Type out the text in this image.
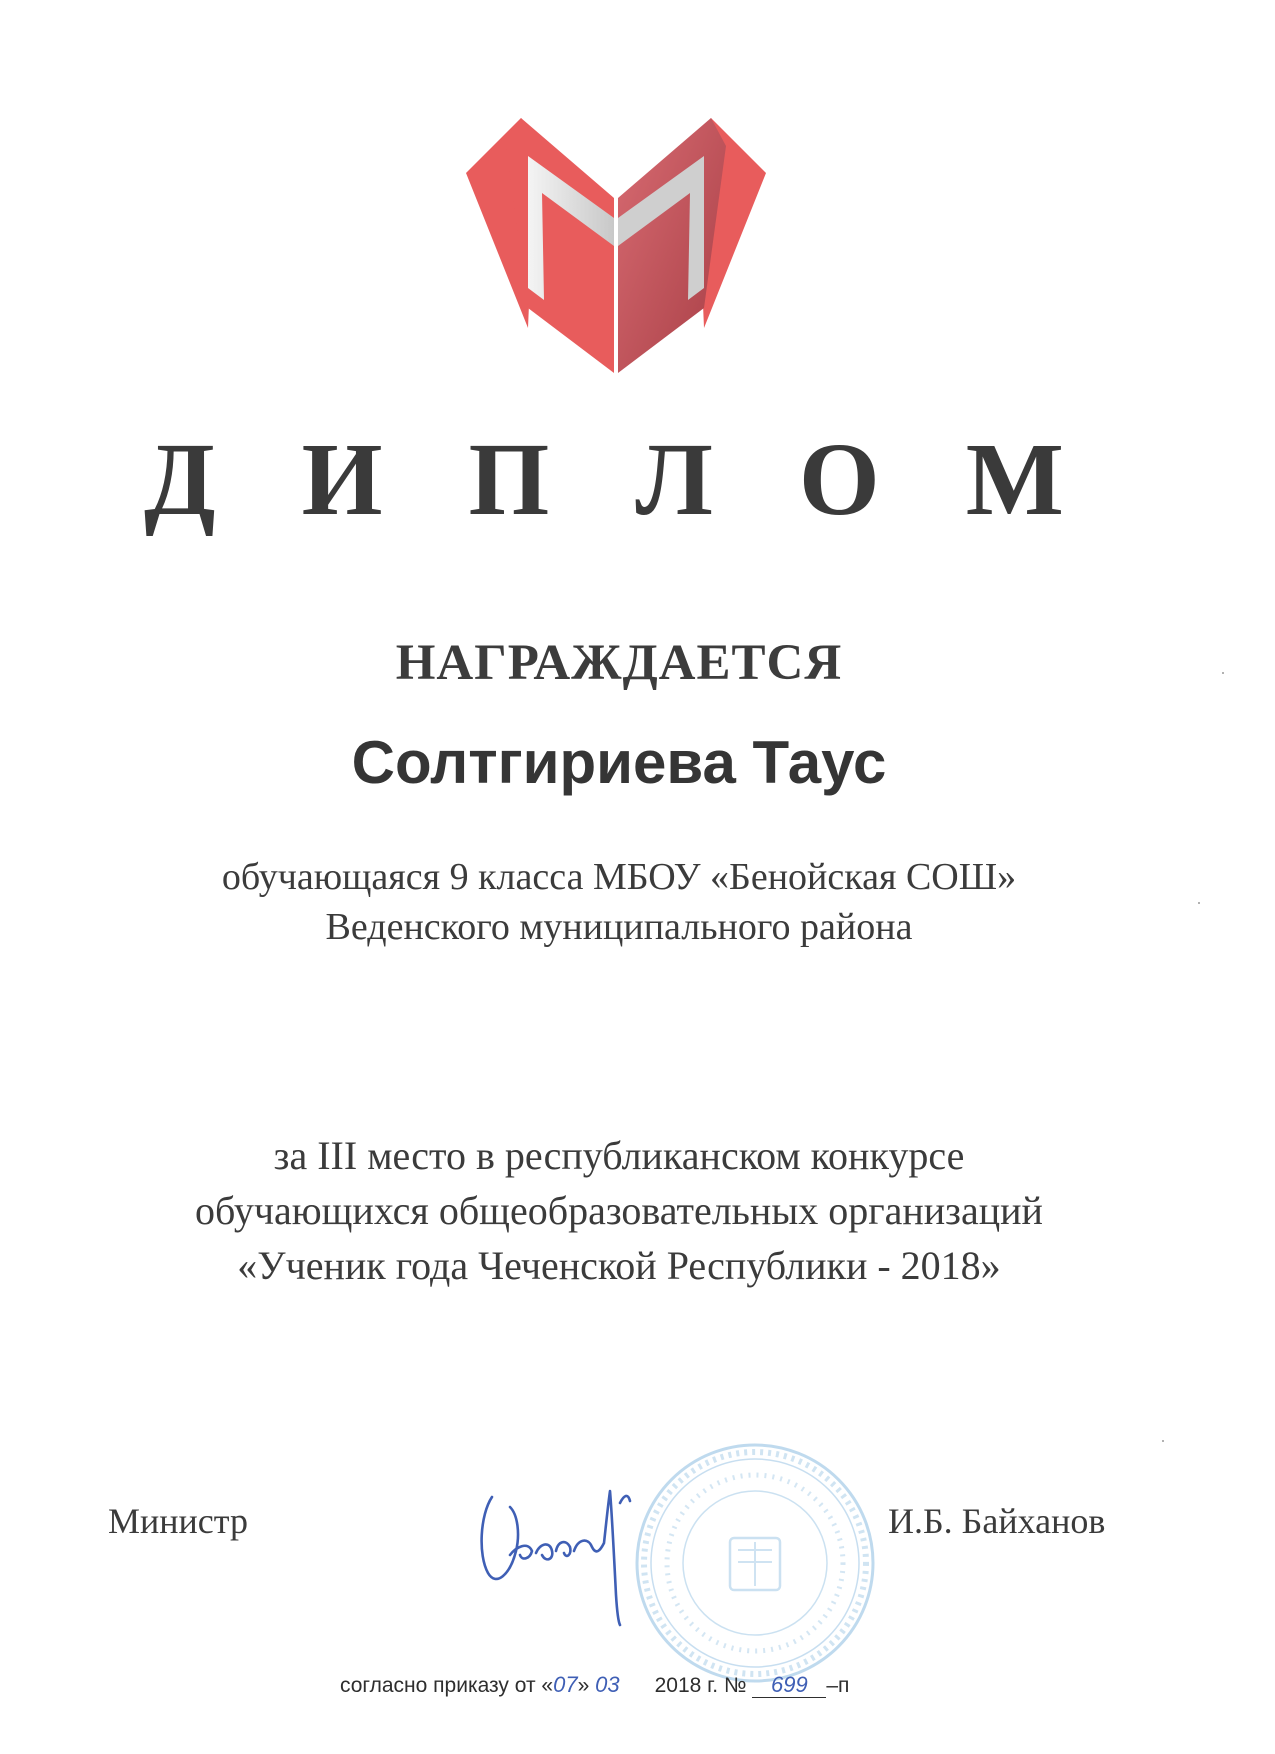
Д И П Л О М
НАГРАЖДАЕТСЯ
Солтгириева Таус
обучающаяся 9 класса МБОУ «Бенойская СОШ»
Веденского муниципального района
за III место в республиканском конкурсе
обучающихся общеобразовательных организаций
«Ученик года Чеченской Республики - 2018»
Министр	И.Б. Байханов
согласно приказу от «07» 03 2018 г. № 699 –п
